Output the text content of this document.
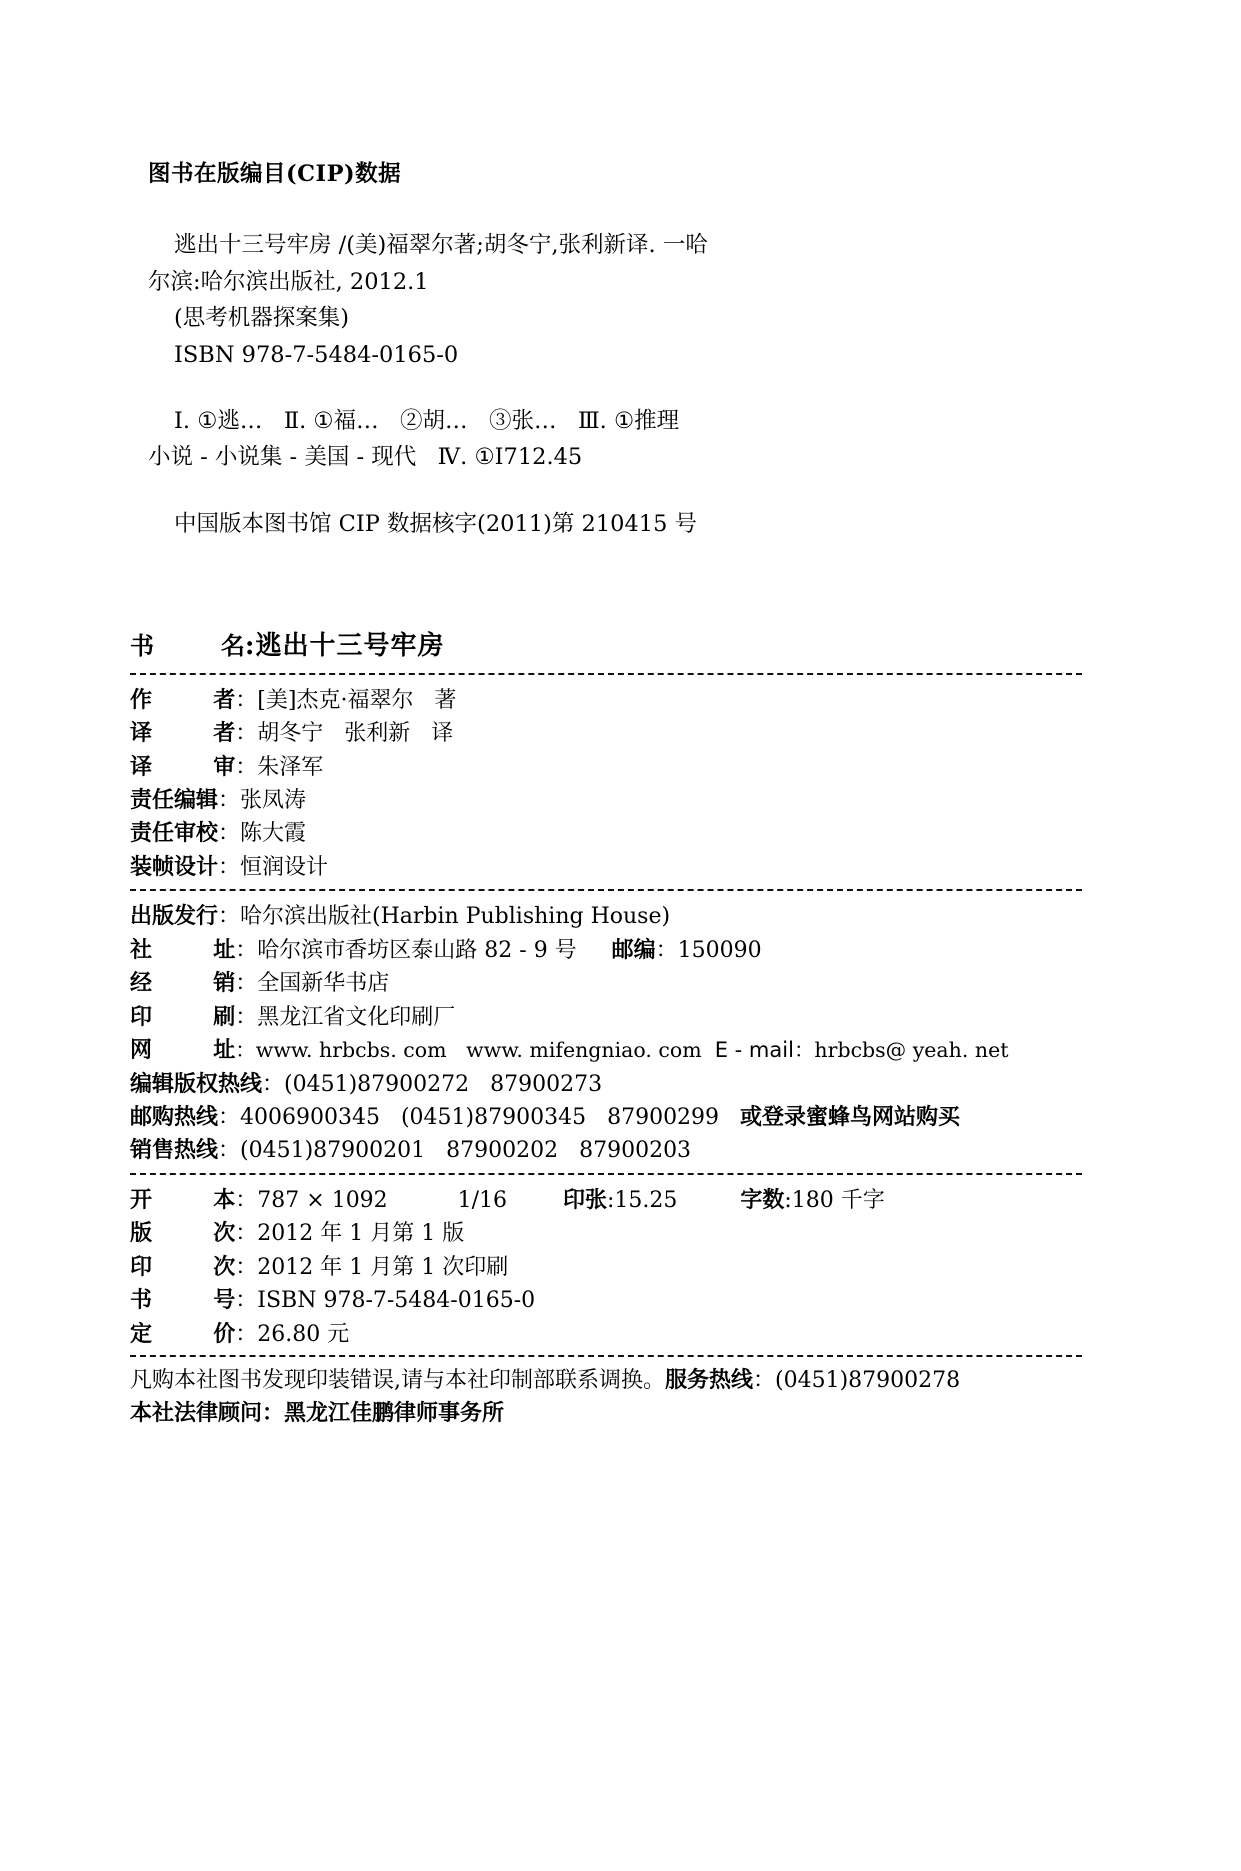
图书在版编目(CIP)数据
逃出十三号牢房 /(美)福翠尔著;胡冬宁,张利新译. 一哈
尔滨:哈尔滨出版社, 2012.1
(思考机器探案集)
ISBN 978-7-5484-0165-0
Ⅰ. ①逃…   Ⅱ. ①福…   ②胡…   ③张…   Ⅲ. ①推理
小说 - 小说集 - 美国 - 现代   Ⅳ. ①I712.45
中国版本图书馆 CIP 数据核字(2011)第 210415 号
书        名:逃出十三号牢房
作        者：[美]杰克·福翠尔   著
译        者：胡冬宁   张利新   译
译        审：朱泽军
责任编辑：张凤涛
责任审校：陈大霞
装帧设计：恒润设计
出版发行：哈尔滨出版社(Harbin Publishing House)
社        址：哈尔滨市香坊区泰山路 82 - 9 号 邮编：150090
经        销：全国新华书店
印        刷：黑龙江省文化印刷厂
网        址：www. hrbcbs. com www. mifengniao. com E - mail：hrbcbs@ yeah. net
编辑版权热线：(0451)87900272   87900273
邮购热线：4006900345   (0451)87900345   87900299 或登录蜜蜂鸟网站购买
销售热线：(0451)87900201   87900202   87900203
开        本：787 × 1092	1/16	印张:15.25	字数:180 千字
版        次：2012 年 1 月第 1 版
印        次：2012 年 1 月第 1 次印刷
书        号：ISBN 978-7-5484-0165-0
定        价：26.80 元
凡购本社图书发现印装错误,请与本社印制部联系调换。服务热线：(0451)87900278
本社法律顾问：黑龙江佳鹏律师事务所
